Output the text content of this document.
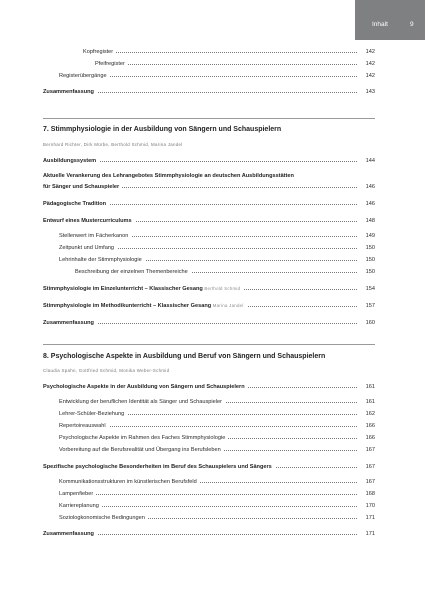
Inhalt	9
Kopfregister	142
Pfeifregister	142
Registerübergänge	142
Zusammenfassung	143
7. Stimmphysiologie in der Ausbildung von Sängern und Schauspielern
Bernhard Richter, Dirk Mürbe, Berthold Schmid, Marina Jandel
Ausbildungssystem	144
Aktuelle Verankerung des Lehrangebotes Stimmphysiologie an deutschen Ausbildungsstätten
für Sänger und Schauspieler	146
Pädagogische Tradition	146
Entwurf eines Mustercurriculums	148
Stellenwert im Fächerkanon	149
Zeitpunkt und Umfang	150
Lehrinhalte der Stimmphysiologie	150
Beschreibung der einzelnen Themenbereiche	150
Stimmphysiologie im Einzelunterricht – Klassischer Gesang Berthold Schmid	154
Stimmphysiologie im Methodikunterricht – Klassischer Gesang Marina Jandel	157
Zusammenfassung	160
8. Psychologische Aspekte in Ausbildung und Beruf von Sängern und Schauspielern
Claudia Spahn, Gottfried Schmid, Monika Weber-Schmid
Psychologische Aspekte in der Ausbildung von Sängern und Schauspielern	161
Entwicklung der beruflichen Identität als Sänger und Schauspieler	161
Lehrer-Schüler-Beziehung	162
Repertoireauswahl	166
Psychologische Aspekte im Rahmen des Faches Stimmphysiologie	166
Vorbereitung auf die Berufsrealität und Übergang ins Berufsleben	167
Spezifische psychologische Besonderheiten im Beruf des Schauspielers und Sängers	167
Kommunikationsstrukturen im künstlerischen Berufsfeld	167
Lampenfieber	168
Karriereplanung	170
Soziologkonomische Bedingungen	171
Zusammenfassung	171
